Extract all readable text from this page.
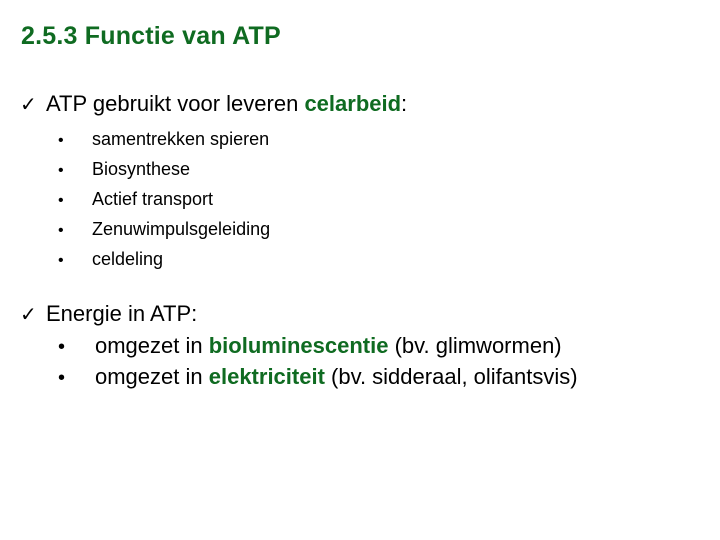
2.5.3 Functie van ATP
✓ ATP gebruikt voor leveren celarbeid:
•	samentrekken spieren
•	Biosynthese
•	Actief transport
•	Zenuwimpulsgeleiding
•	celdeling
✓ Energie in ATP:
•	omgezet in bioluminescentie (bv. glimwormen)
•	omgezet in elektriciteit (bv. sidderaal, olifantsvis)
